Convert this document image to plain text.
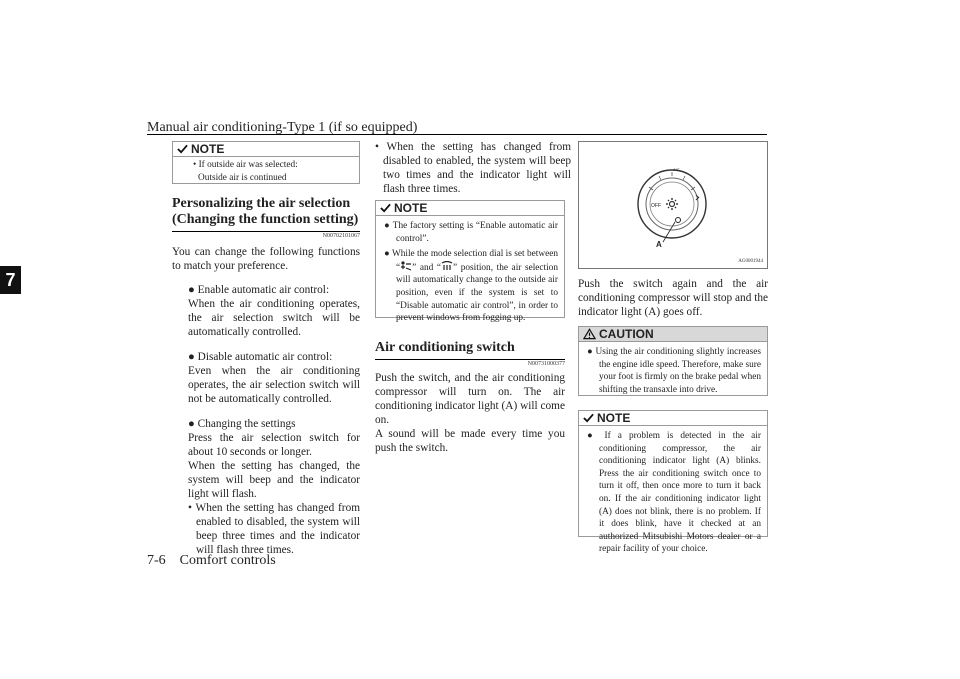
Manual air conditioning-Type 1 (if so equipped)
7
NOTE
• If outside air was selected:
Outside air is continued
Personalizing the air selection
(Changing the function setting)
N00702101067
You can change the following functions to match your preference.
● Enable automatic air control:
When the air conditioning operates, the air selection switch will be automatically controlled.
● Disable automatic air control:
Even when the air conditioning operates, the air selection switch will not be automatically controlled.
● Changing the settings
Press the air selection switch for about 10 seconds or longer.
When the setting has changed, the system will beep and the indicator light will flash.
• When the setting has changed from enabled to disabled, the system will beep three times and the indicator will flash three times.
• When the setting has changed from disabled to enabled, the system will beep two times and the indicator light will flash three times.
NOTE
● The factory setting is “Enable automatic air control”.
● While the mode selection dial is set between “ ” and “ ” position, the air selection will automatically change to the outside air position, even if the system is set to “Disable automatic air control”, in order to prevent windows from fogging up.
Air conditioning switch
N00731000377
Push the switch, and the air conditioning compressor will turn on. The air conditioning indicator light (A) will come on.
A sound will be made every time you push the switch.
OFF
A/C
A
AG0001944
Push the switch again and the air conditioning compressor will stop and the indicator light (A) goes off.
CAUTION
● Using the air conditioning slightly increases the engine idle speed. Therefore, make sure your foot is firmly on the brake pedal when shifting the transaxle into drive.
NOTE
● If a problem is detected in the air conditioning compressor, the air conditioning indicator light (A) blinks. Press the air conditioning switch once to turn it off, then once more to turn it back on. If the air conditioning indicator light (A) does not blink, there is no problem. If it does blink, have it checked at an authorized Mitsubishi Motors dealer or a repair facility of your choice.
7-6 Comfort controls
